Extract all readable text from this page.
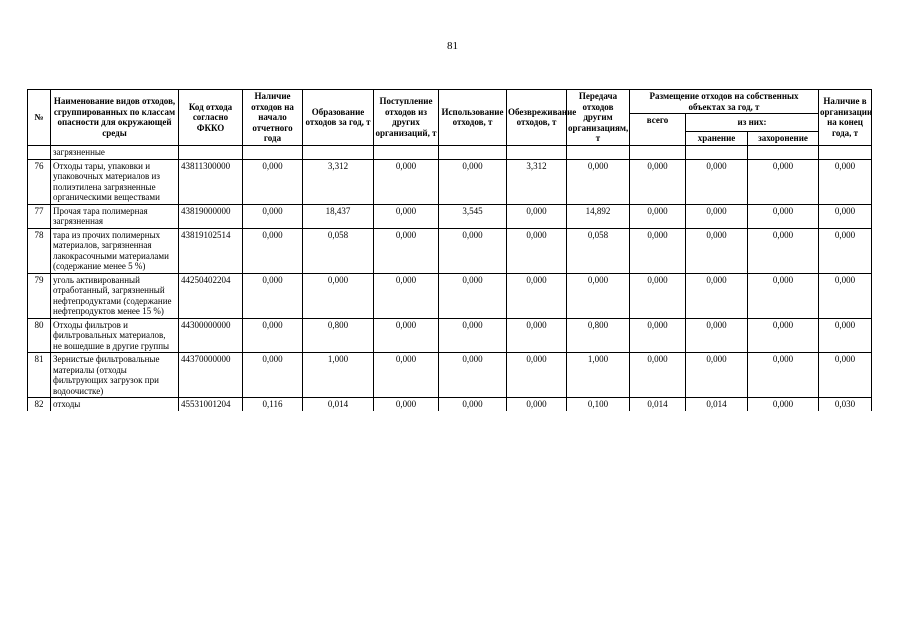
81
№	Наименование видов отходов, сгруппированных по классам опасности для окружающей среды	Код отхода согласно ФККО	Наличие отходов на начало отчетного года	Образование отходов за год, т	Поступление отходов из других организаций, т	Использование отходов, т	Обезвреживание отходов, т	Передача отходов другим организациям, т	Размещение отходов на собственных объектах за год, т			Наличие в организации на конец года, т
									всего	из них:		
										хранение	захоронение	
	загрязненные											
76	Отходы тары, упаковки и упаковочных материалов из полиэтилена загрязненные органическими веществами	43811300000	0,000	3,312	0,000	0,000	3,312	0,000	0,000	0,000	0,000	0,000
77	Прочая тара полимерная загрязненная	43819000000	0,000	18,437	0,000	3,545	0,000	14,892	0,000	0,000	0,000	0,000
78	тара из прочих полимерных материалов, загрязненная лакокрасочными материалами (содержание менее 5 %)	43819102514	0,000	0,058	0,000	0,000	0,000	0,058	0,000	0,000	0,000	0,000
79	уголь активированный отработанный, загрязненный нефтепродуктами (содержание нефтепродуктов менее 15 %)	44250402204	0,000	0,000	0,000	0,000	0,000	0,000	0,000	0,000	0,000	0,000
80	Отходы фильтров и фильтровальных материалов, не вошедшие в другие группы	44300000000	0,000	0,800	0,000	0,000	0,000	0,800	0,000	0,000	0,000	0,000
81	Зернистые фильтровальные материалы (отходы фильтрующих загрузок при водоочистке)	44370000000	0,000	1,000	0,000	0,000	0,000	1,000	0,000	0,000	0,000	0,000
82	отходы	45531001204	0,116	0,014	0,000	0,000	0,000	0,100	0,014	0,014	0,000	0,030
